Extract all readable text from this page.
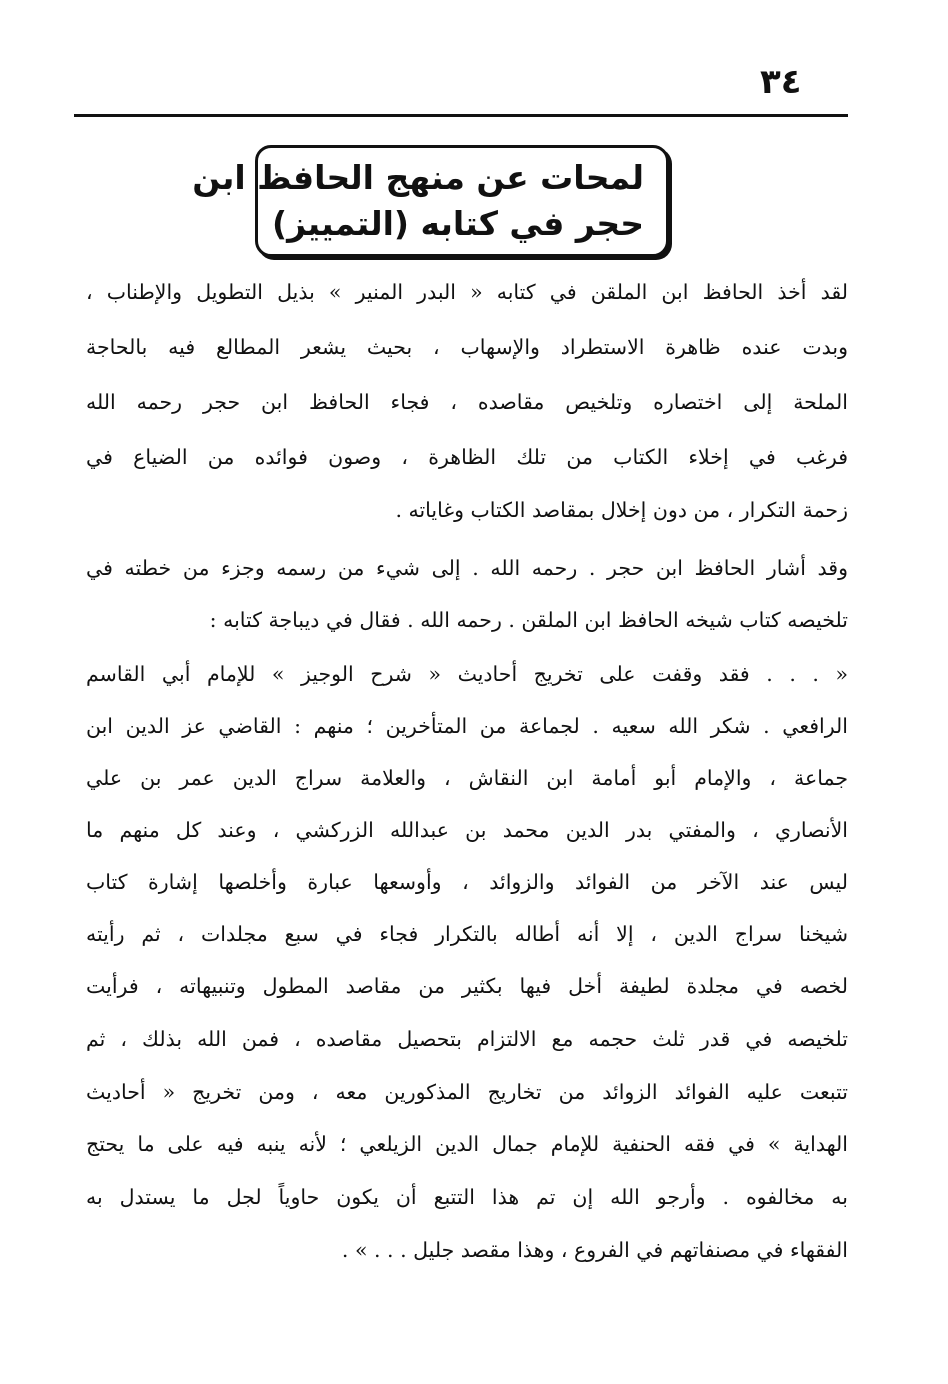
٣٤
لمحات عن منهج الحافظ ابن
حجر في كتابه (التمييز)
لقد أخذ الحافظ ابن الملقن في كتابه « البدر المنير » بذيل التطويل والإطناب ،
وبدت عنده ظاهرة الاستطراد والإسهاب ، بحيث يشعر المطالع فيه بالحاجة
الملحة إلى اختصاره وتلخيص مقاصده ، فجاء الحافظ ابن حجر رحمه الله
فرغب في إخلاء الكتاب من تلك الظاهرة ، وصون فوائده من الضياع في
زحمة التكرار ، من دون إخلال بمقاصد الكتاب وغاياته .
وقد أشار الحافظ ابن حجر . رحمه الله . إلى شيء من رسمه وجزء من خطته في
تلخيصه كتاب شيخه الحافظ ابن الملقن . رحمه الله . فقال في ديباجة كتابه :
« . . . فقد وقفت على تخريج أحاديث « شرح الوجيز » للإمام أبي القاسم
الرافعي . شكر الله سعيه . لجماعة من المتأخرين ؛ منهم : القاضي عز الدين ابن
جماعة ، والإمام أبو أمامة ابن النقاش ، والعلامة سراج الدين عمر بن علي
الأنصاري ، والمفتي بدر الدين محمد بن عبدالله الزركشي ، وعند كل منهم ما
ليس عند الآخر من الفوائد والزوائد ، وأوسعها عبارة وأخلصها إشارة كتاب
شيخنا سراج الدين ، إلا أنه أطاله بالتكرار فجاء في سبع مجلدات ، ثم رأيته
لخصه في مجلدة لطيفة أخل فيها بكثير من مقاصد المطول وتنبيهاته ، فرأيت
تلخيصه في قدر ثلث حجمه مع الالتزام بتحصيل مقاصده ، فمن الله بذلك ، ثم
تتبعت عليه الفوائد الزوائد من تخاريج المذكورين معه ، ومن تخريج « أحاديث
الهداية » في فقه الحنفية للإمام جمال الدين الزيلعي ؛ لأنه ينبه فيه على ما يحتج
به مخالفوه . وأرجو الله إن تم هذا التتبع أن يكون حاوياً لجل ما يستدل به
الفقهاء في مصنفاتهم في الفروع ، وهذا مقصد جليل . . . » .
